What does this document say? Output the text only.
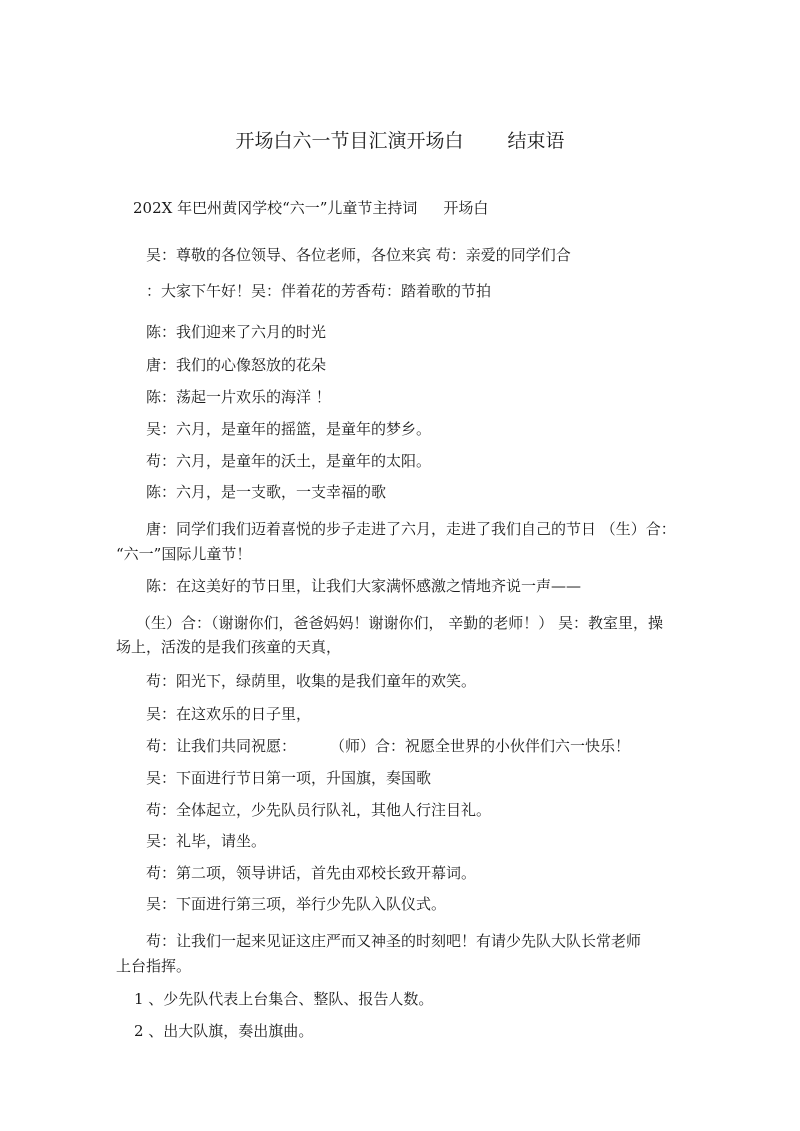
开场白六一节目汇演开场白 结束语
202X 年巴州黄冈学校“六一”儿童节主持词 开场白
吴：尊敬的各位领导、各位老师，各位来宾 苟：亲爱的同学们合
：大家下午好！吴：伴着花的芳香苟：踏着歌的节拍
陈：我们迎来了六月的时光
唐：我们的心像怒放的花朵
陈：荡起一片欢乐的海洋 ！
吴：六月，是童年的摇篮，是童年的梦乡。
苟：六月，是童年的沃土，是童年的太阳。
陈：六月，是一支歌，一支幸福的歌
唐：同学们我们迈着喜悦的步子走进了六月，走进了我们自己的节日 （生）合：
“六一”国际儿童节！
陈：在这美好的节日里，让我们大家满怀感激之情地齐说一声——
（生）合：（谢谢你们，爸爸妈妈！谢谢你们， 辛勤的老师！） 吴：教室里，操
场上，活泼的是我们孩童的天真，
苟：阳光下，绿荫里，收集的是我们童年的欢笑。
吴：在这欢乐的日子里，
苟：让我们共同祝愿： （师）合：祝愿全世界的小伙伴们六一快乐！
吴：下面进行节日第一项，升国旗，奏国歌
苟：全体起立，少先队员行队礼，其他人行注目礼。
吴：礼毕，请坐。
苟：第二项，领导讲话，首先由邓校长致开幕词。
吴：下面进行第三项，举行少先队入队仪式。
苟：让我们一起来见证这庄严而又神圣的时刻吧！有请少先队大队长常老师
上台指挥。
1 、少先队代表上台集合、整队、报告人数。
2 、出大队旗，奏出旗曲。
